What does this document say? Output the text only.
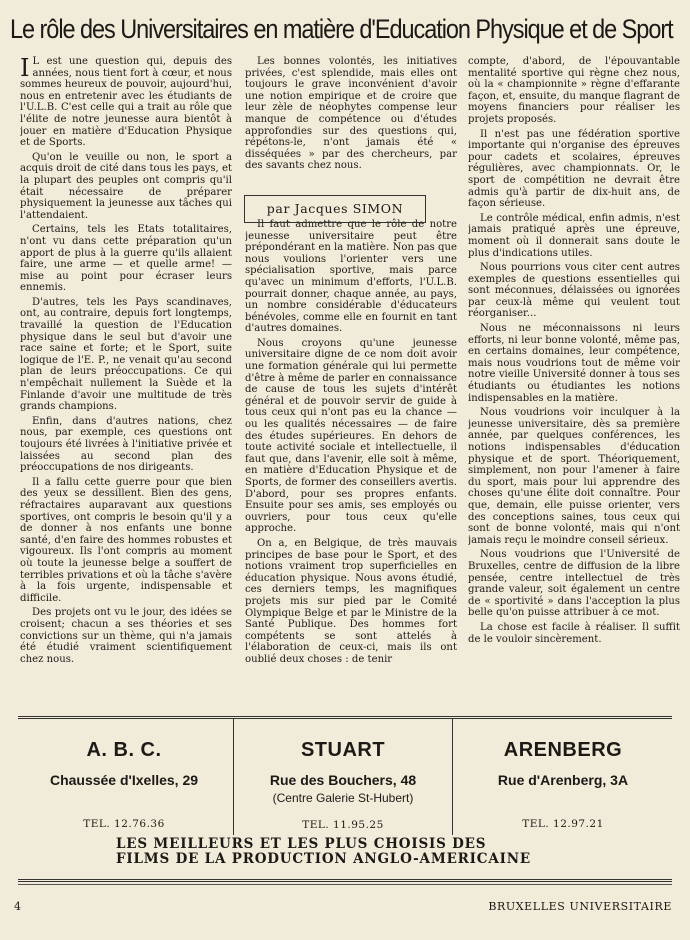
Le rôle des Universitaires en matière d'Education Physique et de Sport

I L est une question qui, depuis des années, nous tient fort à cœur, et nous sommes heureux de pouvoir, aujourd'hui, nous en entretenir avec les étudiants de l'U.L.B. C'est celle qui a trait au rôle que l'élite de notre jeunesse aura bientôt à jouer en matière d'Education Physique et de Sports.

Qu'on le veuille ou non, le sport a acquis droit de cité dans tous les pays, et la plupart des peuples ont compris qu'il était nécessaire de préparer physiquement la jeunesse aux tâches qui l'attendaient.

Certains, tels les Etats totalitaires, n'ont vu dans cette préparation qu'un apport de plus à la guerre qu'ils allaient faire, une arme — et quelle arme! — mise au point pour écraser leurs ennemis.

D'autres, tels les Pays scandinaves, ont, au contraire, depuis fort longtemps, travaillé la question de l'Education physique dans le seul but d'avoir une race saine et forte; et le Sport, suite logique de l'E. P., ne venait qu'au second plan de leurs préoccupations. Ce qui n'empêchait nullement la Suède et la Finlande d'avoir une multitude de très grands champions.

Enfin, dans d'autres nations, chez nous, par exemple, ces questions ont toujours été livrées à l'initiative privée et laissées au second plan des préoccupations de nos dirigeants.

Il a fallu cette guerre pour que bien des yeux se dessillent. Bien des gens, réfractaires auparavant aux questions sportives, ont compris le besoin qu'il y a de donner à nos enfants une bonne santé, d'en faire des hommes robustes et vigoureux. Ils l'ont compris au moment où toute la jeunesse belge a souffert de terribles privations et où la tâche s'avère à la fois urgente, indispensable et difficile.

Des projets ont vu le jour, des idées se croisent; chacun a ses théories et ses convictions sur un thème, qui n'a jamais été étudié vraiment scientifiquement chez nous.

Les bonnes volontés, les initiatives privées, c'est splendide, mais elles ont toujours le grave inconvénient d'avoir une notion empirique et de croire que leur zèle de néophytes compense leur manque de compétence ou d'études approfondies sur des questions qui, répétons-le, n'ont jamais été « disséquées » par des chercheurs, par des savants chez nous.

Il faut admettre que le rôle de notre jeunesse universitaire peut être prépondérant en la matière. Non pas que nous voulions l'orienter vers une spécialisation sportive, mais parce qu'avec un minimum d'efforts, l'U.L.B. pourrait donner, chaque année, au pays, un nombre considérable d'éducateurs bénévoles, comme elle en fournit en tant d'autres domaines.

Nous croyons qu'une jeunesse universitaire digne de ce nom doit avoir une formation générale qui lui permette d'être à même de parler en connaissance de cause de tous les sujets d'intérêt général et de pouvoir servir de guide à tous ceux qui n'ont pas eu la chance — ou les qualités nécessaires — de faire des études supérieures. En dehors de toute activité sociale et intellectuelle, il faut que, dans l'avenir, elle soit à même, en matière d'Education Physique et de Sports, de former des conseillers avertis. D'abord, pour ses propres enfants. Ensuite pour ses amis, ses employés ou ouvriers, pour tous ceux qu'elle approche.

On a, en Belgique, de très mauvais principes de base pour le Sport, et des notions vraiment trop superficielles en éducation physique. Nous avons étudié, ces derniers temps, les magnifiques projets mis sur pied par le Comité Olympique Belge et par le Ministre de la Santé Publique. Des hommes fort compétents se sont attelés à l'élaboration de ceux-ci, mais ils ont oublié deux choses : de tenir

par Jacques SIMON

compte, d'abord, de l'épouvantable mentalité sportive qui règne chez nous, où la « championnite » règne d'effarante façon, et, ensuite, du manque flagrant de moyens financiers pour réaliser les projets proposés.

Il n'est pas une fédération sportive importante qui n'organise des épreuves pour cadets et scolaires, épreuves régulières, avec championnats. Or, le sport de compétition ne devrait être admis qu'à partir de dix-huit ans, de façon sérieuse.

Le contrôle médical, enfin admis, n'est jamais pratiqué après une épreuve, moment où il donnerait sans doute le plus d'indications utiles.

Nous pourrions vous citer cent autres exemples de questions essentielles qui sont méconnues, délaissées ou ignorées par ceux-là même qui veulent tout réorganiser...

Nous ne méconnaissons ni leurs efforts, ni leur bonne volonté, même pas, en certains domaines, leur compétence, mais nous voudrions tout de même voir notre vieille Université donner à tous ses étudiants ou étudiantes les notions indispensables en la matière.

Nous voudrions voir inculquer à la jeunesse universitaire, dès sa première année, par quelques conférences, les notions indispensables d'éducation physique et de sport. Théoriquement, simplement, non pour l'amener à faire du sport, mais pour lui apprendre des choses qu'une élite doit connaître. Pour que, demain, elle puisse orienter, vers des conceptions saines, tous ceux qui sont de bonne volonté, mais qui n'ont jamais reçu le moindre conseil sérieux.

Nous voudrions que l'Université de Bruxelles, centre de diffusion de la libre pensée, centre intellectuel de très grande valeur, soit également un centre de « sportivité » dans l'acception la plus belle qu'on puisse attribuer à ce mot.

La chose est facile à réaliser. Il suffit de le vouloir sincèrement.

A. B. C.
Chaussée d'Ixelles, 29
TEL. 12.76.36
STUART
Rue des Bouchers, 48
(Centre Galerie St-Hubert)
TEL. 11.95.25
ARENBERG
Rue d'Arenberg, 3A
TEL. 12.97.21
LES MEILLEURS ET LES PLUS CHOISIS DES
FILMS DE LA PRODUCTION ANGLO-AMERICAINE
4	BRUXELLES UNIVERSITAIRE
